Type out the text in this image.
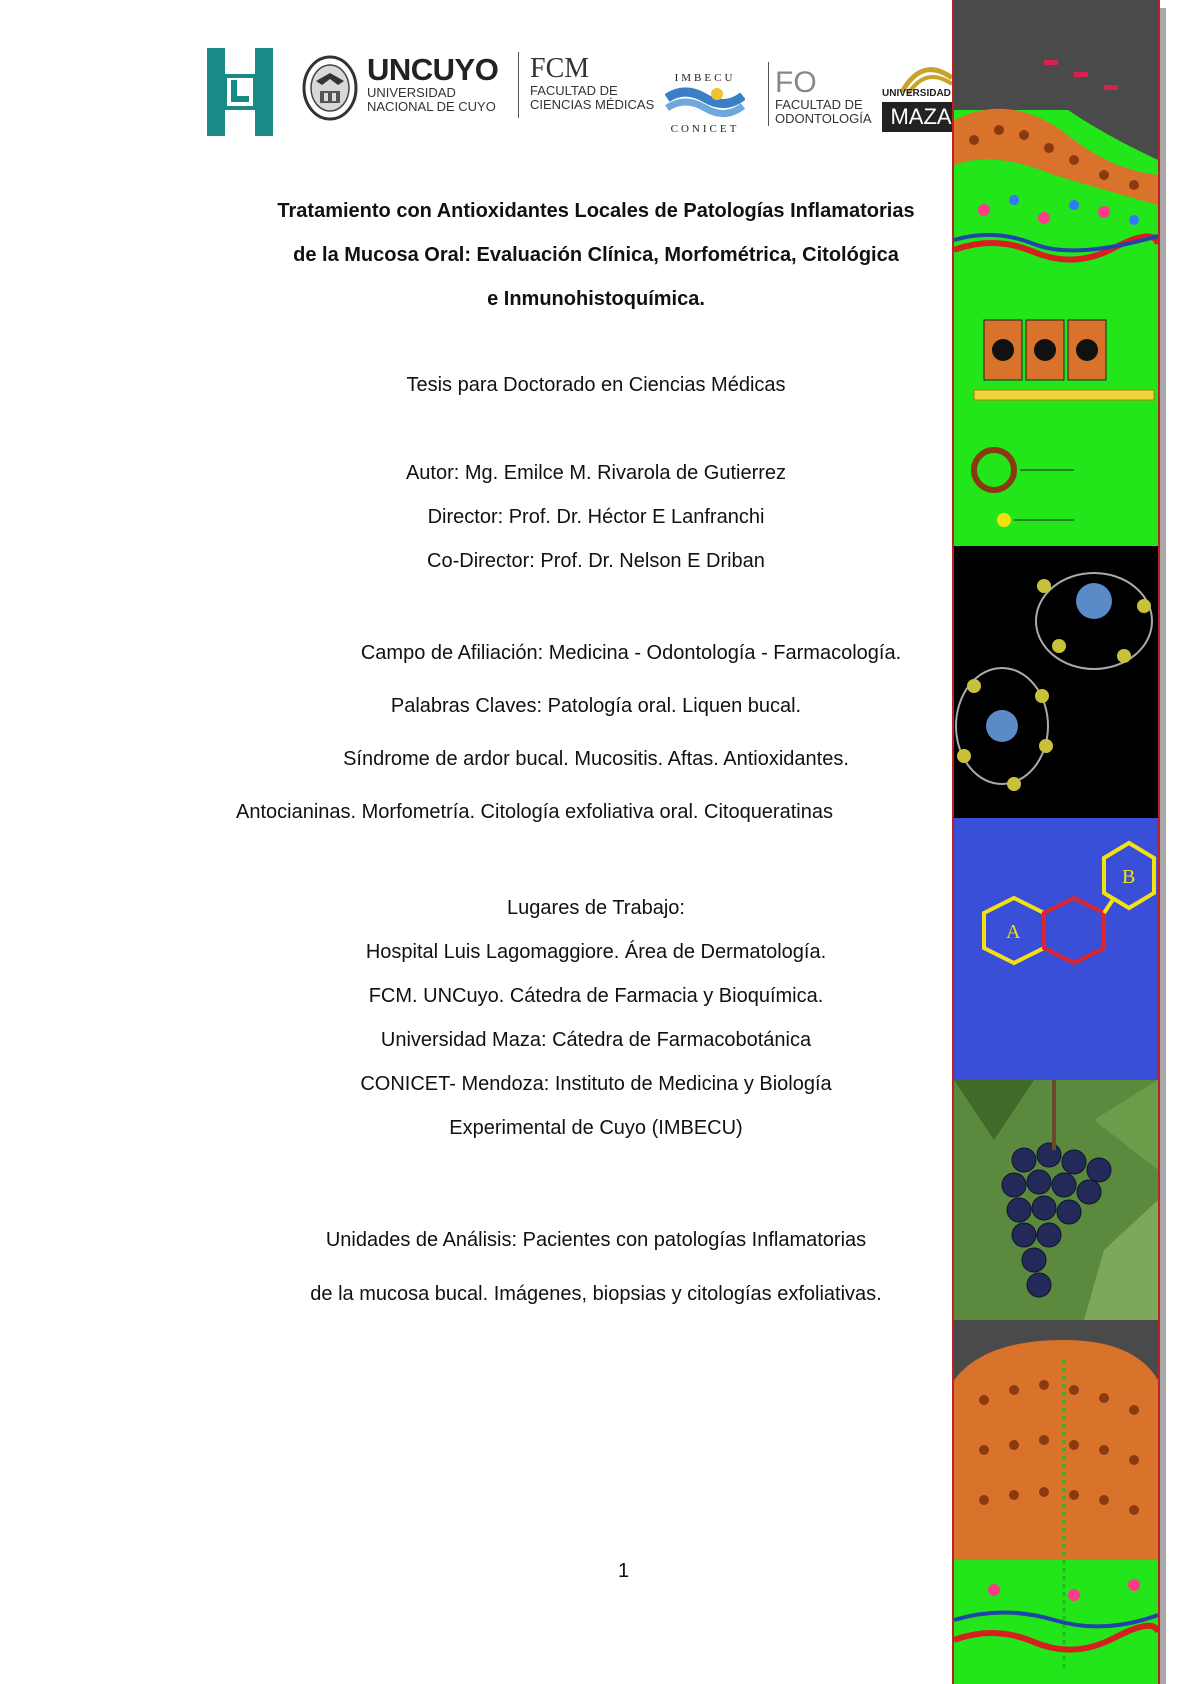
UNCUYO
UNIVERSIDAD
NACIONAL DE CUYO
FCM
FACULTAD DE
CIENCIAS MÉDICAS
IMBECU
CONICET
FO
FACULTAD DE
ODONTOLOGÍA
UNIVERSIDAD
MAZA
Tratamiento con Antioxidantes Locales de Patologías Inflamatorias
de la Mucosa Oral: Evaluación Clínica, Morfométrica, Citológica
e Inmunohistoquímica.
Tesis para Doctorado en Ciencias Médicas
Autor: Mg. Emilce M. Rivarola de Gutierrez
Director: Prof. Dr. Héctor E Lanfranchi
Co-Director: Prof. Dr. Nelson E Driban
Campo de Afiliación: Medicina - Odontología - Farmacología.
Palabras Claves: Patología oral. Liquen bucal.
Síndrome de ardor bucal. Mucositis. Aftas. Antioxidantes.
Antocianinas. Morfometría. Citología exfoliativa oral. Citoqueratinas
Lugares de Trabajo:
Hospital Luis Lagomaggiore. Área de Dermatología.
FCM. UNCuyo. Cátedra de Farmacia y Bioquímica.
Universidad Maza: Cátedra de Farmacobotánica
CONICET- Mendoza: Instituto de Medicina y Biología
Experimental de Cuyo (IMBECU)
Unidades de Análisis: Pacientes con patologías Inflamatorias
de la mucosa bucal. Imágenes, biopsias y citologías exfoliativas.
1
A
B
